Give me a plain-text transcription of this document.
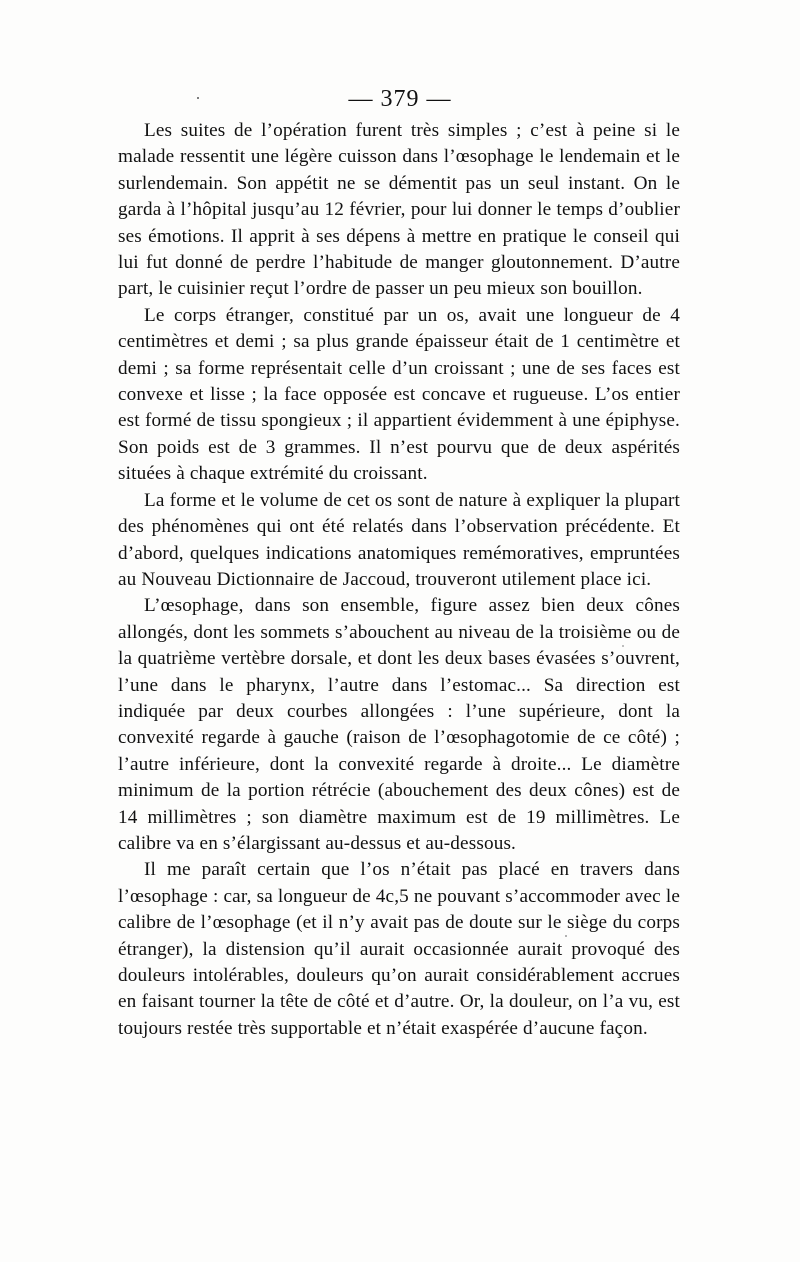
— 379 —

Les suites de l’opération furent très simples ; c’est à peine si le malade ressentit une légère cuisson dans l’œsophage le lendemain et le surlendemain. Son appétit ne se démentit pas un seul instant. On le garda à l’hôpital jusqu’au 12 février, pour lui donner le temps d’oublier ses émotions. Il apprit à ses dépens à mettre en pratique le conseil qui lui fut donné de perdre l’habitude de manger gloutonnement. D’autre part, le cuisinier reçut l’ordre de passer un peu mieux son bouillon.

Le corps étranger, constitué par un os, avait une longueur de 4 centimètres et demi ; sa plus grande épaisseur était de 1 centimètre et demi ; sa forme représentait celle d’un croissant ; une de ses faces est convexe et lisse ; la face opposée est concave et rugueuse. L’os entier est formé de tissu spongieux ; il appartient évidemment à une épiphyse. Son poids est de 3 grammes. Il n’est pourvu que de deux aspérités situées à chaque extrémité du croissant.

La forme et le volume de cet os sont de nature à expliquer la plupart des phénomènes qui ont été relatés dans l’observation précédente. Et d’abord, quelques indications anatomiques remémoratives, empruntées au Nouveau Dictionnaire de Jaccoud, trouveront utilement place ici.

L’œsophage, dans son ensemble, figure assez bien deux cônes allongés, dont les sommets s’abouchent au niveau de la troisième ou de la quatrième vertèbre dorsale, et dont les deux bases évasées s’ouvrent, l’une dans le pharynx, l’autre dans l’estomac... Sa direction est indiquée par deux courbes allongées : l’une supérieure, dont la convexité regarde à gauche (raison de l’œsophagotomie de ce côté) ; l’autre inférieure, dont la convexité regarde à droite... Le diamètre minimum de la portion rétrécie (abouchement des deux cônes) est de 14 millimètres ; son diamètre maximum est de 19 millimètres. Le calibre va en s’élargissant au-dessus et au-dessous.

Il me paraît certain que l’os n’était pas placé en travers dans l’œsophage : car, sa longueur de 4c,5 ne pouvant s’accommoder avec le calibre de l’œsophage (et il n’y avait pas de doute sur le siège du corps étranger), la distension qu’il aurait occasionnée aurait provoqué des douleurs intolérables, douleurs qu’on aurait considérablement accrues en faisant tourner la tête de côté et d’autre. Or, la douleur, on l’a vu, est toujours restée très supportable et n’était exaspérée d’aucune façon.
